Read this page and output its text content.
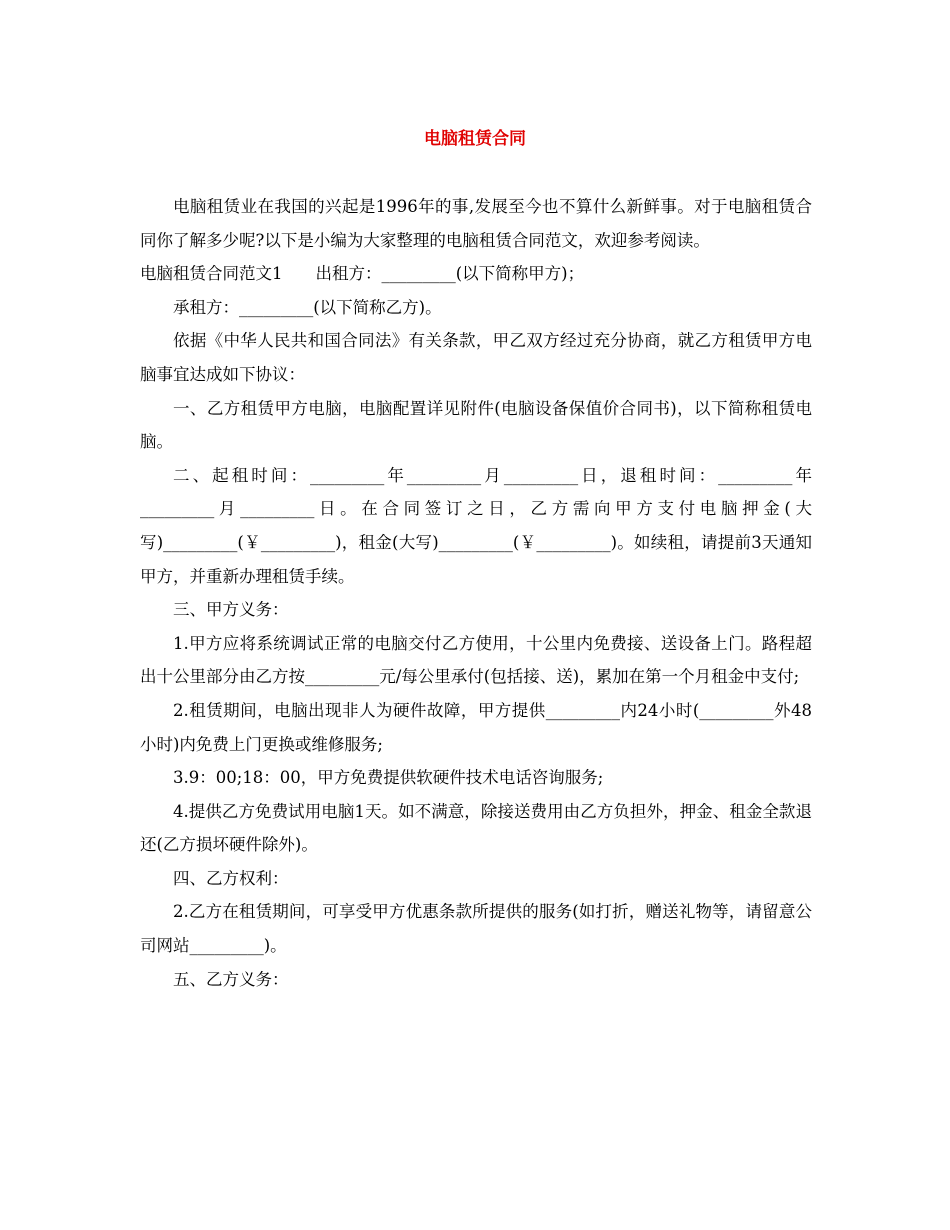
电脑租赁合同

电脑租赁业在我国的兴起是1996年的事,发展至今也不算什么新鲜事。对于电脑租赁合同你了解多少呢?以下是小编为大家整理的电脑租赁合同范文，欢迎参考阅读。

电脑租赁合同范文1　　出租方：_________(以下简称甲方)；

承租方：_________(以下简称乙方)。

依据《中华人民共和国合同法》有关条款，甲乙双方经过充分协商，就乙方租赁甲方电脑事宜达成如下协议：

一、乙方租赁甲方电脑，电脑配置详见附件(电脑设备保值价合同书)，以下简称租赁电脑。

二、起租时间：_________年_________月_________日，退租时间：_________年_________月_________日。在合同签订之日，乙方需向甲方支付电脑押金(大写)_________(￥_________)，租金(大写)_________(￥_________)。如续租，请提前3天通知甲方，并重新办理租赁手续。

三、甲方义务：

1.甲方应将系统调试正常的电脑交付乙方使用，十公里内免费接、送设备上门。路程超出十公里部分由乙方按_________元/每公里承付(包括接、送)，累加在第一个月租金中支付;

2.租赁期间，电脑出现非人为硬件故障，甲方提供_________内24小时(_________外48小时)内免费上门更换或维修服务;

3.9：00;18：00，甲方免费提供软硬件技术电话咨询服务;

4.提供乙方免费试用电脑1天。如不满意，除接送费用由乙方负担外，押金、租金全款退还(乙方损坏硬件除外)。

四、乙方权利：

2.乙方在租赁期间，可享受甲方优惠条款所提供的服务(如打折，赠送礼物等，请留意公司网站_________)。

五、乙方义务：
